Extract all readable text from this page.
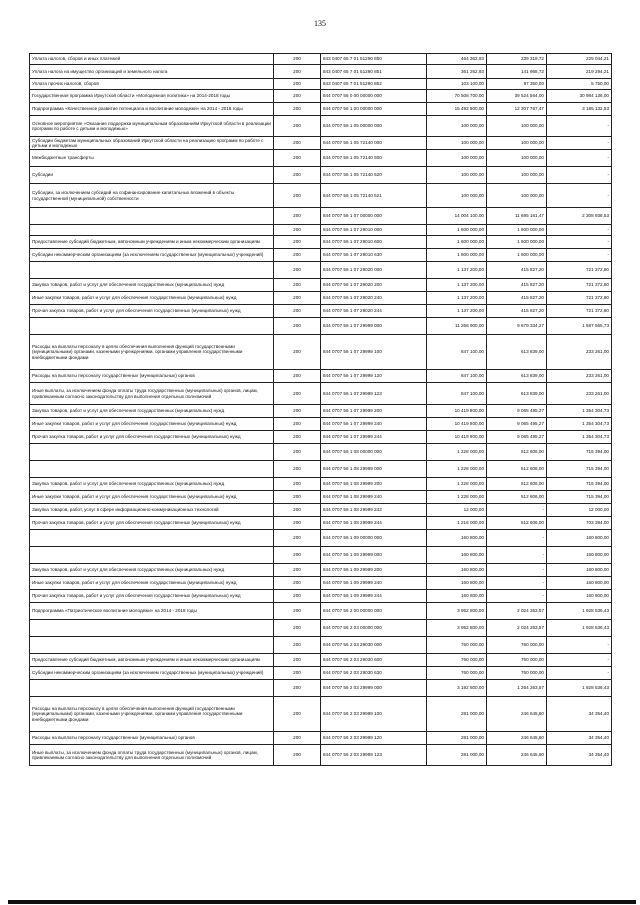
135
Уплата налогов, сборов и иных платежей	200	843 0407 65 7 01 51290 850	464 362,93	239 318,72	225 044,21
Уплата налога на имущество организаций и земельного налога	200	843 0407 65 7 01 51290 851	361 262,93	141 968,72	219 294,21
Уплата прочих налогов, сборов	200	843 0407 65 7 01 51290 852	103 100,00	97 350,00	5 750,00
Государственная программа Иркутской области «Молодежная политика» на 2014-2018 годы	200	844 0707 56 0 00 00000 000	70 508 700,00	39 524 564,00	30 984 136,00
Подпрограмма «Качественное развитие потенциала и воспитание молодежи» на 2014 - 2018 годы	200	844 0707 56 1 00 00000 000	15 492 900,00	12 307 767,47	3 185 132,53
Основное мероприятие «Оказание поддержки муниципальным образованиям Иркутской области в реализации программ по работе с детьми и молодежью»	200	844 0707 56 1 05 00000 000	100 000,00	100 000,00	-
Субсидии бюджетам муниципальных образований Иркутской области на реализацию программ по работе с детьми и молодежью	200	844 0707 56 1 05 72140 000	100 000,00	100 000,00	-
Межбюджетные трансферты	200	844 0707 56 1 05 72140 500	100 000,00	100 000,00	-
Субсидии	200	844 0707 56 1 05 72140 520	100 000,00	100 000,00	-
Субсидии, за исключением субсидий на софинансирование капитальных вложений в объекты государственной (муниципальной) собственности	200	844 0707 56 1 05 72140 521	100 000,00	100 000,00	-
	200	844 0707 56 1 07 00000 000	14 004 100,00	11 695 161,47	2 308 938,53
	200	844 0707 56 1 07 29010 000	1 600 000,00	1 600 000,00	-
Предоставление субсидий бюджетным, автономным учреждениям и иным некоммерческим организациям	200	844 0707 56 1 07 29010 600	1 600 000,00	1 600 000,00	-
Субсидии некоммерческим организациям (за исключением государственных (муниципальных) учреждений)	200	844 0707 56 1 07 29010 630	1 600 000,00	1 600 000,00	-
	200	844 0707 56 1 07 29020 000	1 137 200,00	415 827,20	721 372,80
Закупка товаров, работ и услуг для обеспечения государственных (муниципальных) нужд	200	844 0707 56 1 07 29020 200	1 137 200,00	415 827,20	721 372,80
Иные закупки товаров, работ и услуг для обеспечения государственных (муниципальных) нужд	200	844 0707 56 1 07 29020 240	1 137 200,00	415 827,20	721 372,80
Прочая закупка товаров, работ и услуг для обеспечения государственных (муниципальных) нужд	200	844 0707 56 1 07 29020 244	1 137 200,00	415 827,20	721 372,80
	200	844 0707 56 1 07 29999 000	11 266 900,00	9 679 334,27	1 587 565,73
Расходы на выплаты персоналу в целях обеспечения выполнения функций государственными (муниципальными) органами, казенными учреждениями, органами управления государственными внебюджетными фондами	200	844 0707 56 1 07 29999 100	847 100,00	613 839,00	233 261,00
Расходы на выплаты персоналу государственных (муниципальных) органов	200	844 0707 56 1 07 29999 120	847 100,00	613 839,00	233 261,00
Иные выплаты, за исключением фонда оплаты труда государственных (муниципальных) органов, лицам, привлекаемым согласно законодательству для выполнения отдельных полномочий	200	844 0707 56 1 07 29999 123	847 100,00	613 839,00	233 261,00
Закупка товаров, работ и услуг для обеспечения государственных (муниципальных) нужд	200	844 0707 56 1 07 29999 200	10 419 800,00	9 065 495,27	1 354 304,73
Иные закупки товаров, работ и услуг для обеспечения государственных (муниципальных) нужд	200	844 0707 56 1 07 29999 240	10 419 800,00	9 065 495,27	1 354 304,73
Прочая закупка товаров, работ и услуг для обеспечения государственных (муниципальных) нужд	200	844 0707 56 1 07 29999 244	10 419 800,00	9 065 495,27	1 354 304,73
	200	844 0707 56 1 08 00000 000	1 228 000,00	512 606,00	715 394,00
	200	844 0707 56 1 08 29999 000	1 228 000,00	512 606,00	715 394,00
Закупка товаров, работ и услуг для обеспечения государственных (муниципальных) нужд	200	844 0707 56 1 08 29999 200	1 228 000,00	512 606,00	715 394,00
Иные закупки товаров, работ и услуг для обеспечения государственных (муниципальных) нужд	200	844 0707 56 1 08 29999 240	1 228 000,00	512 606,00	715 394,00
Закупка товаров, работ, услуг в сфере информационно-коммуникационных технологий	200	844 0707 56 1 08 29999 242	12 000,00	-	12 000,00
Прочая закупка товаров, работ и услуг для обеспечения государственных (муниципальных) нужд	200	844 0707 56 1 08 29999 244	1 216 000,00	512 606,00	703 394,00
	200	844 0707 56 1 09 00000 000	160 800,00	-	160 800,00
	200	844 0707 56 1 09 29999 000	160 800,00	-	160 800,00
Закупка товаров, работ и услуг для обеспечения государственных (муниципальных) нужд	200	844 0707 56 1 09 29999 200	160 800,00	-	160 800,00
Иные закупки товаров, работ и услуг для обеспечения государственных (муниципальных) нужд	200	844 0707 56 1 09 29999 240	160 800,00	-	160 800,00
Прочая закупка товаров, работ и услуг для обеспечения государственных (муниципальных) нужд	200	844 0707 56 1 09 29999 244	160 800,00	-	160 800,00
Подпрограмма «Патриотическое воспитание молодежи» на 2014 - 2018 годы	200	844 0707 56 2 00 00000 000	3 952 800,00	2 024 263,57	1 928 536,43
	200	844 0707 56 2 03 00000 000	3 952 800,00	2 024 263,57	1 928 536,43
	200	844 0707 56 2 03 29030 000	760 000,00	760 000,00	-
Предоставление субсидий бюджетным, автономным учреждениям и иным некоммерческим организациям	200	844 0707 56 2 03 29030 600	760 000,00	760 000,00	-
Субсидии некоммерческим организациям (за исключением государственных (муниципальных) учреждений)	200	844 0707 56 2 03 29030 630	760 000,00	760 000,00	-
	200	844 0707 56 2 03 29999 000	3 192 800,00	1 264 263,57	1 928 536,43
Расходы на выплаты персоналу в целях обеспечения выполнения функций государственными (муниципальными) органами, казенными учреждениями, органами управления государственными внебюджетными фондами	200	844 0707 56 2 03 29999 100	281 000,00	246 645,60	34 354,40
Расходы на выплаты персоналу государственных (муниципальных) органов	200	844 0707 56 2 03 29999 120	281 000,00	246 645,60	34 354,40
Иные выплаты, за исключением фонда оплаты труда государственных (муниципальных) органов, лицам, привлекаемым согласно законодательству для выполнения отдельных полномочий	200	844 0707 56 2 03 29999 123	281 000,00	246 645,60	34 354,40
